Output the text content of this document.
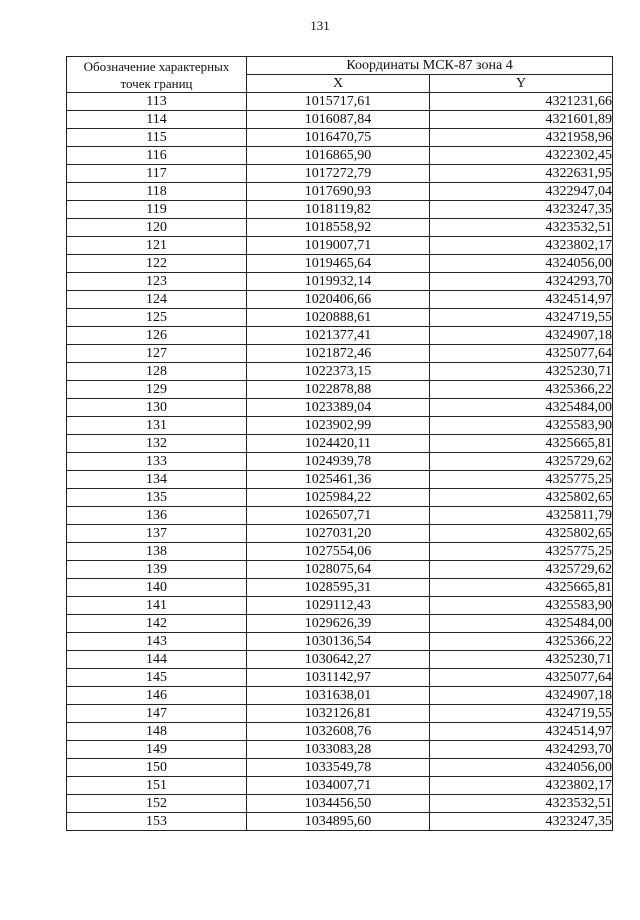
131
Обозначение характерных точек границ	Координаты МСК-87 зона 4	
	X	Y
113	1015717,61	4321231,66
114	1016087,84	4321601,89
115	1016470,75	4321958,96
116	1016865,90	4322302,45
117	1017272,79	4322631,95
118	1017690,93	4322947,04
119	1018119,82	4323247,35
120	1018558,92	4323532,51
121	1019007,71	4323802,17
122	1019465,64	4324056,00
123	1019932,14	4324293,70
124	1020406,66	4324514,97
125	1020888,61	4324719,55
126	1021377,41	4324907,18
127	1021872,46	4325077,64
128	1022373,15	4325230,71
129	1022878,88	4325366,22
130	1023389,04	4325484,00
131	1023902,99	4325583,90
132	1024420,11	4325665,81
133	1024939,78	4325729,62
134	1025461,36	4325775,25
135	1025984,22	4325802,65
136	1026507,71	4325811,79
137	1027031,20	4325802,65
138	1027554,06	4325775,25
139	1028075,64	4325729,62
140	1028595,31	4325665,81
141	1029112,43	4325583,90
142	1029626,39	4325484,00
143	1030136,54	4325366,22
144	1030642,27	4325230,71
145	1031142,97	4325077,64
146	1031638,01	4324907,18
147	1032126,81	4324719,55
148	1032608,76	4324514,97
149	1033083,28	4324293,70
150	1033549,78	4324056,00
151	1034007,71	4323802,17
152	1034456,50	4323532,51
153	1034895,60	4323247,35
